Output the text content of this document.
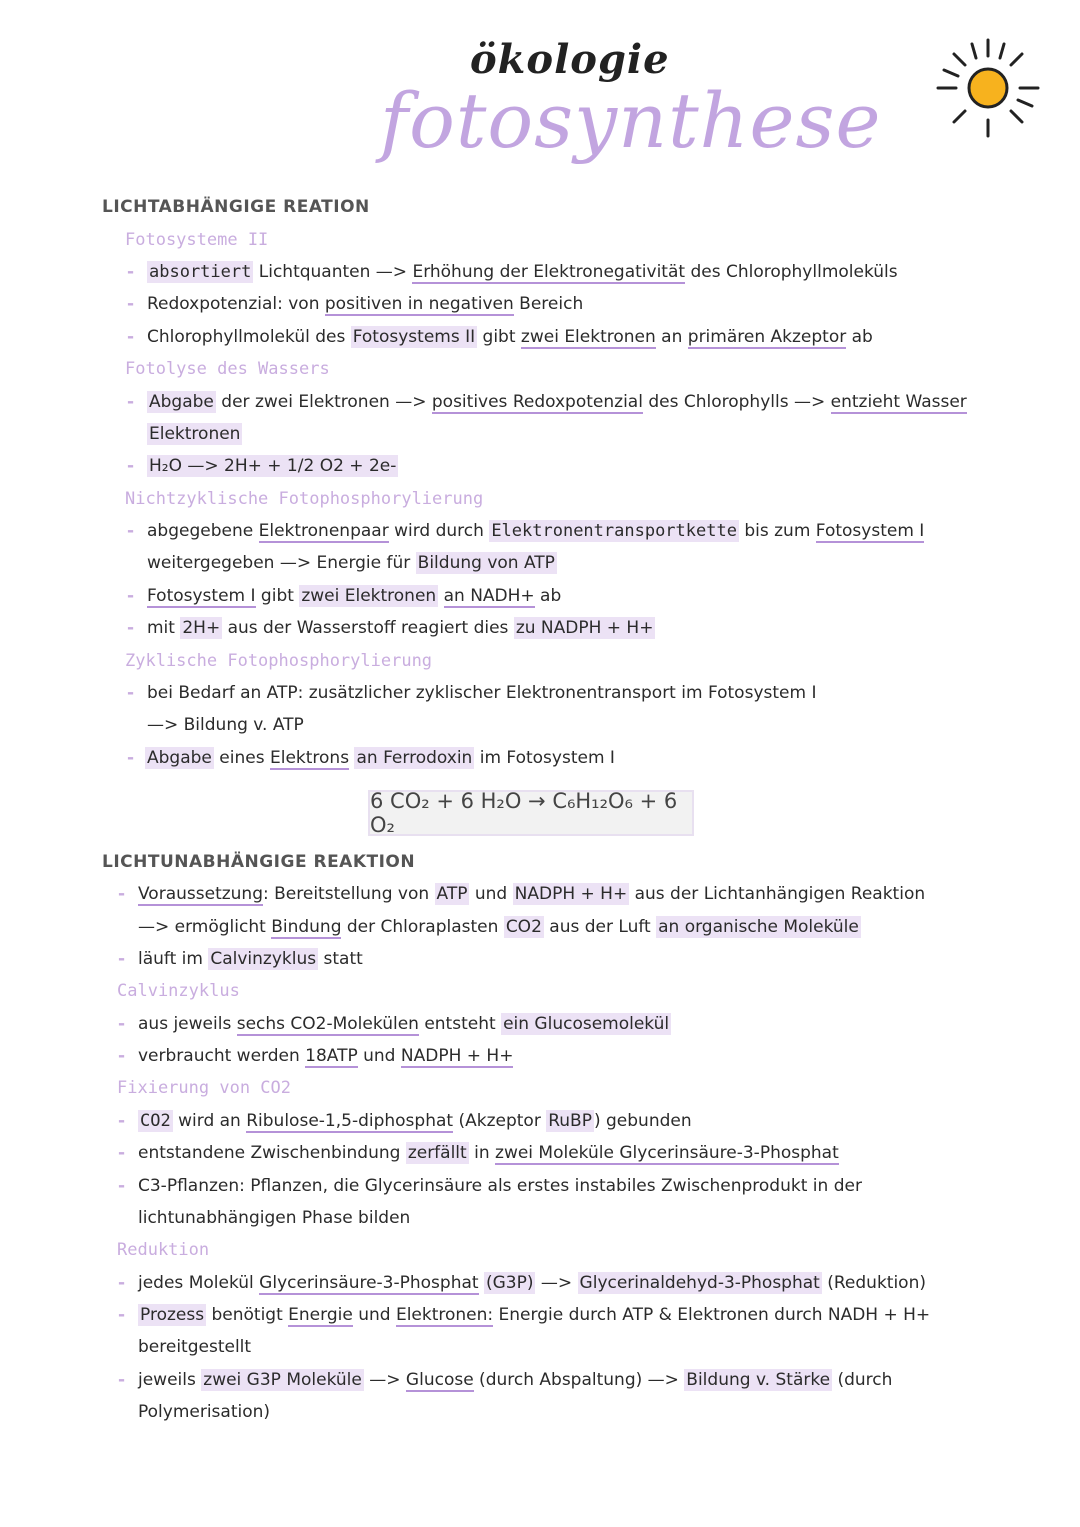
ökologie
fotosynthese
LICHTABHÄNGIGE REATION
Fotosysteme II
- absortiert Lichtquanten —> Erhöhung der Elektronegativität des Chlorophyllmoleküls
- Redoxpotenzial: von positiven in negativen Bereich
- Chlorophyllmolekül des Fotosystems II gibt zwei Elektronen an primären Akzeptor ab
Fotolyse des Wassers
- Abgabe der zwei Elektronen —> positives Redoxpotenzial des Chlorophylls —> entzieht Wasser
Elektronen
- H₂O —> 2H+ + 1/2 O2 + 2e-
Nichtzyklische Fotophosphorylierung
- abgegebene Elektronenpaar wird durch Elektronentransportkette bis zum Fotosystem I
weitergegeben —> Energie für Bildung von ATP
- Fotosystem I gibt zwei Elektronen an NADH+ ab
- mit 2H+ aus der Wasserstoff reagiert dies zu NADPH + H+
Zyklische Fotophosphorylierung
- bei Bedarf an ATP: zusätzlicher zyklischer Elektronentransport im Fotosystem I
—> Bildung v. ATP
- Abgabe eines Elektrons an Ferrodoxin im Fotosystem I
6 CO₂ + 6 H₂O → C₆H₁₂O₆ + 6 O₂
LICHTUNABHÄNGIGE REAKTION
- Voraussetzung: Bereitstellung von ATP und NADPH + H+ aus der Lichtanhängigen Reaktion
—> ermöglicht Bindung der Chloraplasten CO2 aus der Luft an organische Moleküle
- läuft im Calvinzyklus statt
Calvinzyklus
- aus jeweils sechs CO2-Molekülen entsteht ein Glucosemolekül
- verbraucht werden 18ATP und NADPH + H+
Fixierung von CO2
- CO2 wird an Ribulose-1,5-diphosphat (Akzeptor RuBP ) gebunden
- entstandene Zwischenbindung zerfällt in zwei Moleküle Glycerinsäure-3-Phosphat
- C3-Pflanzen: Pflanzen, die Glycerinsäure als erstes instabiles Zwischenprodukt in der
lichtunabhängigen Phase bilden
Reduktion
- jedes Molekül Glycerinsäure-3-Phosphat (G3P) —> Glycerinaldehyd-3-Phosphat (Reduktion)
- Prozess benötigt Energie und Elektronen: Energie durch ATP & Elektronen durch NADH + H+
bereitgestellt
- jeweils zwei G3P Moleküle —> Glucose (durch Abspaltung) —> Bildung v. Stärke (durch
Polymerisation)
